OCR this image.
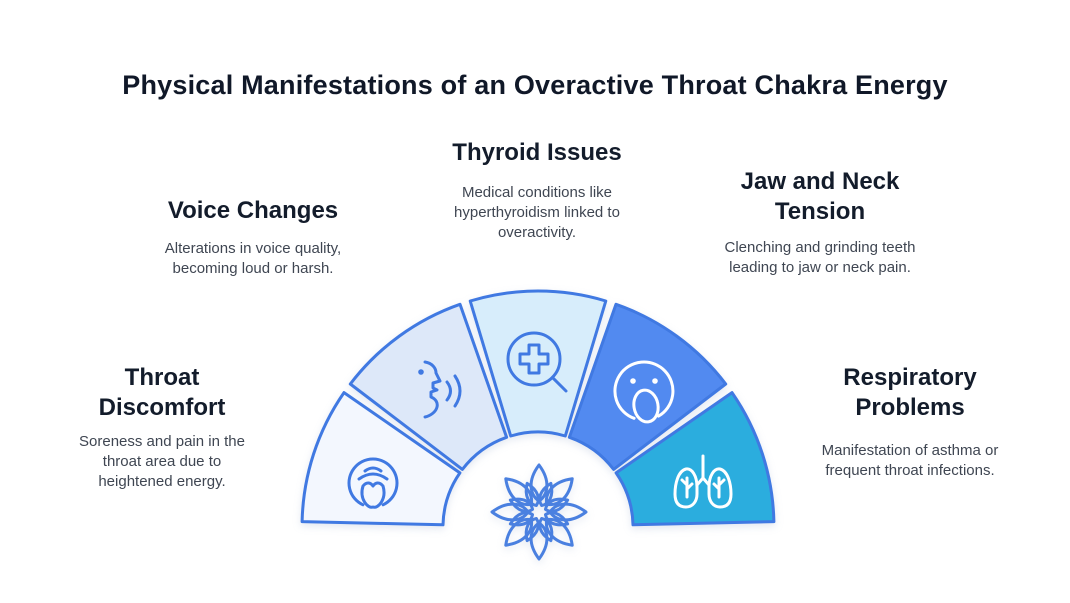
Physical Manifestations of an Overactive Throat Chakra Energy
Voice Changes

Alterations in voice quality, becoming loud or harsh.

Thyroid Issues

Medical conditions like hyperthyroidism linked to overactivity.

Jaw and Neck Tension

Clenching and grinding teeth leading to jaw or neck pain.

Throat Discomfort

Soreness and pain in the throat area due to heightened energy.

Respiratory Problems

Manifestation of asthma or frequent throat infections.
